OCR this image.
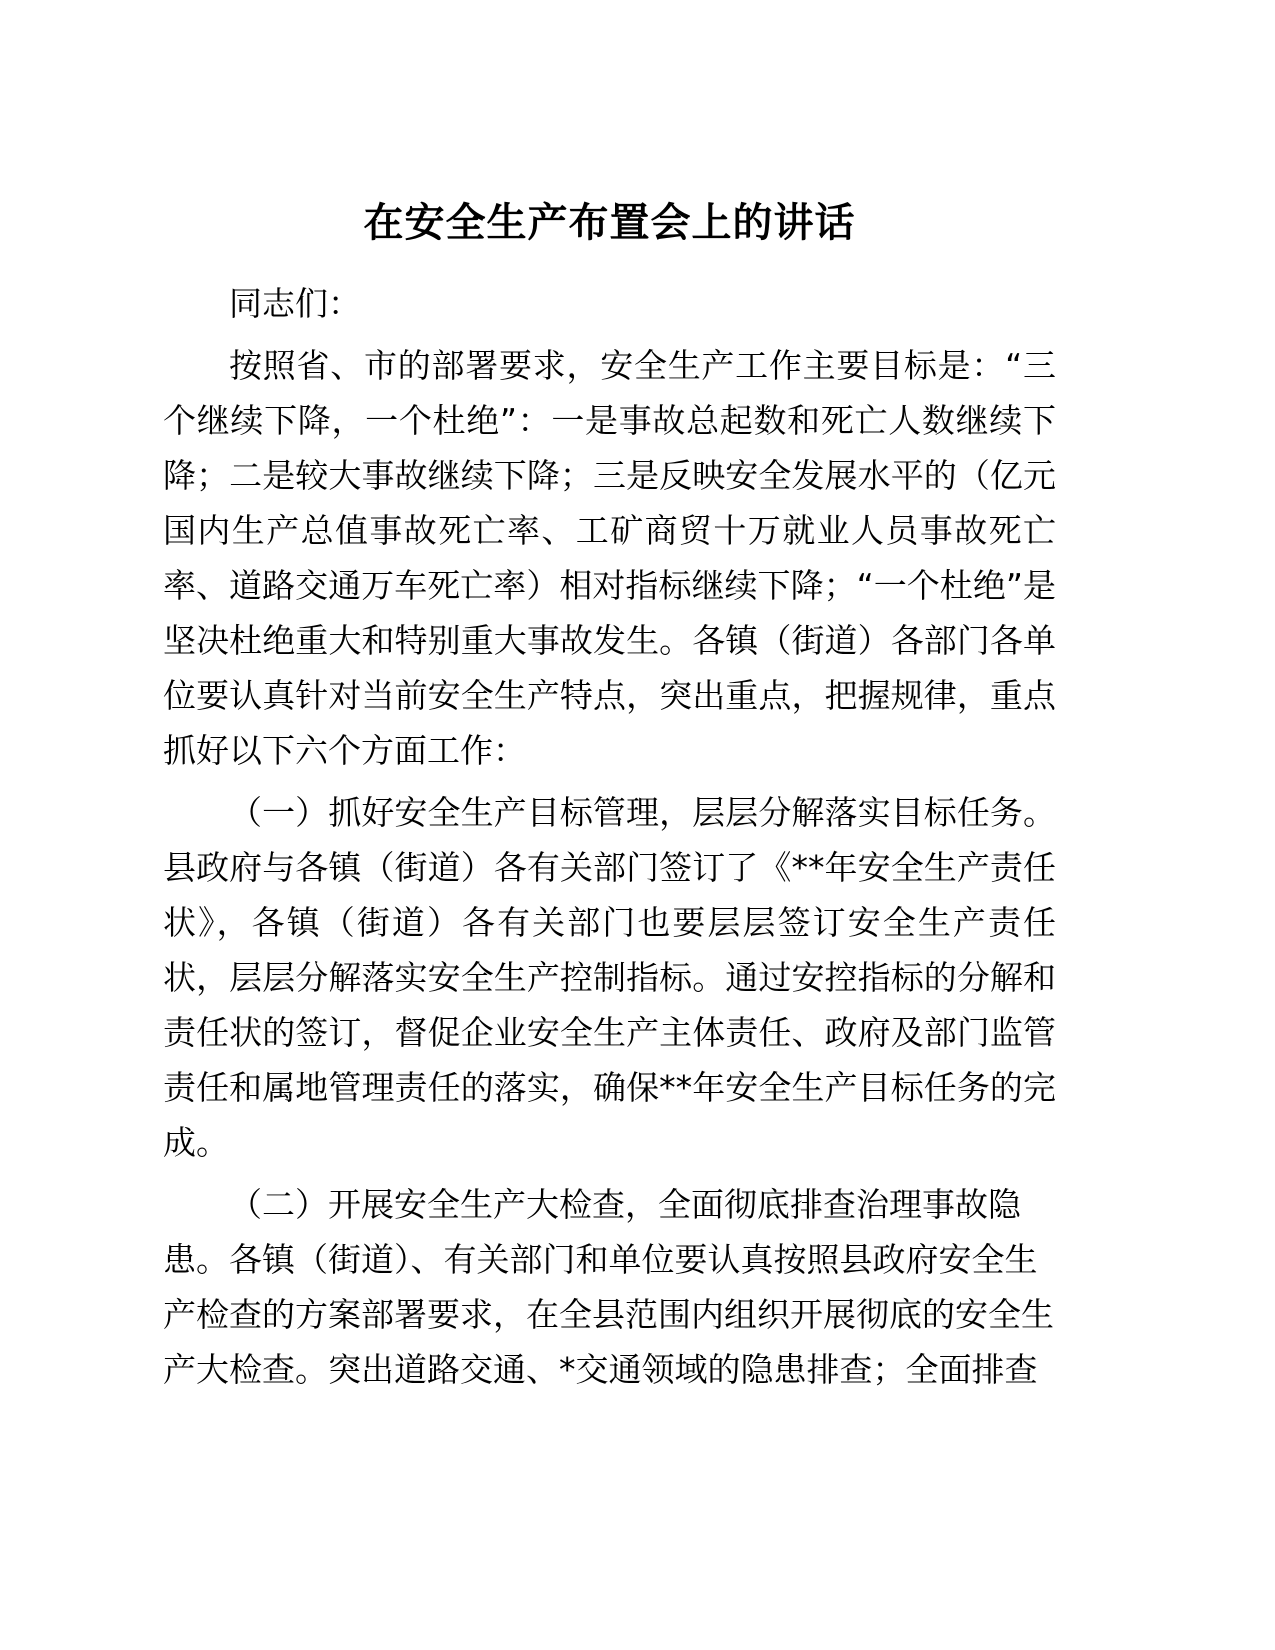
在安全生产布置会上的讲话

同志们：

按照省、市的部署要求，安全生产工作主要目标是：“三个继续下降，一个杜绝”：一是事故总起数和死亡人数继续下降；二是较大事故继续下降；三是反映安全发展水平的（亿元国内生产总值事故死亡率、工矿商贸十万就业人员事故死亡率、道路交通万车死亡率）相对指标继续下降；“一个杜绝”是坚决杜绝重大和特别重大事故发生。各镇（街道）各部门各单位要认真针对当前安全生产特点，突出重点，把握规律，重点抓好以下六个方面工作：

（一）抓好安全生产目标管理，层层分解落实目标任务。县政府与各镇（街道）各有关部门签订了《**年安全生产责任状》，各镇（街道）各有关部门也要层层签订安全生产责任状，层层分解落实安全生产控制指标。通过安控指标的分解和责任状的签订，督促企业安全生产主体责任、政府及部门监管责任和属地管理责任的落实，确保**年安全生产目标任务的完成。

（二）开展安全生产大检查，全面彻底排查治理事故隐患。各镇（街道）、有关部门和单位要认真按照县政府安全生产检查的方案部署要求，在全县范围内组织开展彻底的安全生产大检查。突出道路交通、*交通领域的隐患排查；全面排查
